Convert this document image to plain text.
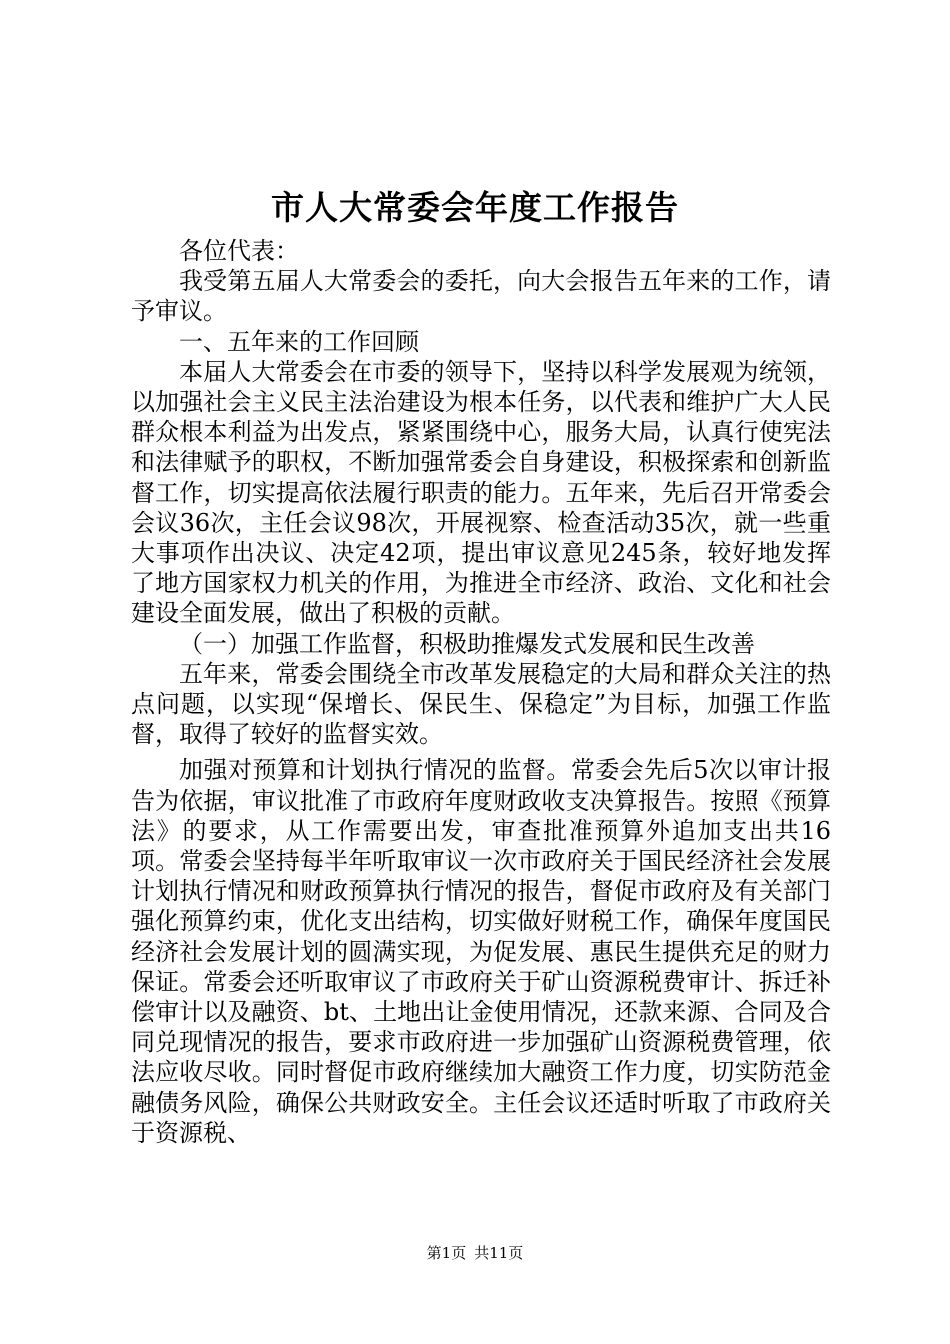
市人大常委会年度工作报告

各位代表：

我受第五届人大常委会的委托，向大会报告五年来的工作，请予审议。

一、五年来的工作回顾

本届人大常委会在市委的领导下，坚持以科学发展观为统领，以加强社会主义民主法治建设为根本任务，以代表和维护广大人民群众根本利益为出发点，紧紧围绕中心，服务大局，认真行使宪法和法律赋予的职权，不断加强常委会自身建设，积极探索和创新监督工作，切实提高依法履行职责的能力。五年来，先后召开常委会会议36次，主任会议98次，开展视察、检查活动35次，就一些重大事项作出决议、决定42项，提出审议意见245条，较好地发挥了地方国家权力机关的作用，为推进全市经济、政治、文化和社会建设全面发展，做出了积极的贡献。

（一）加强工作监督，积极助推爆发式发展和民生改善

五年来，常委会围绕全市改革发展稳定的大局和群众关注的热点问题，以实现“保增长、保民生、保稳定”为目标，加强工作监督，取得了较好的监督实效。

加强对预算和计划执行情况的监督。常委会先后5次以审计报告为依据，审议批准了市政府年度财政收支决算报告。按照《预算法》的要求，从工作需要出发，审查批准预算外追加支出共16项。常委会坚持每半年听取审议一次市政府关于国民经济社会发展计划执行情况和财政预算执行情况的报告，督促市政府及有关部门强化预算约束，优化支出结构，切实做好财税工作，确保年度国民经济社会发展计划的圆满实现，为促发展、惠民生提供充足的财力保证。常委会还听取审议了市政府关于矿山资源税费审计、拆迁补偿审计以及融资、bt、土地出让金使用情况，还款来源、合同及合同兑现情况的报告，要求市政府进一步加强矿山资源税费管理，依法应收尽收。同时督促市政府继续加大融资工作力度，切实防范金融债务风险，确保公共财政安全。主任会议还适时听取了市政府关于资源税、

第1页 共11页
